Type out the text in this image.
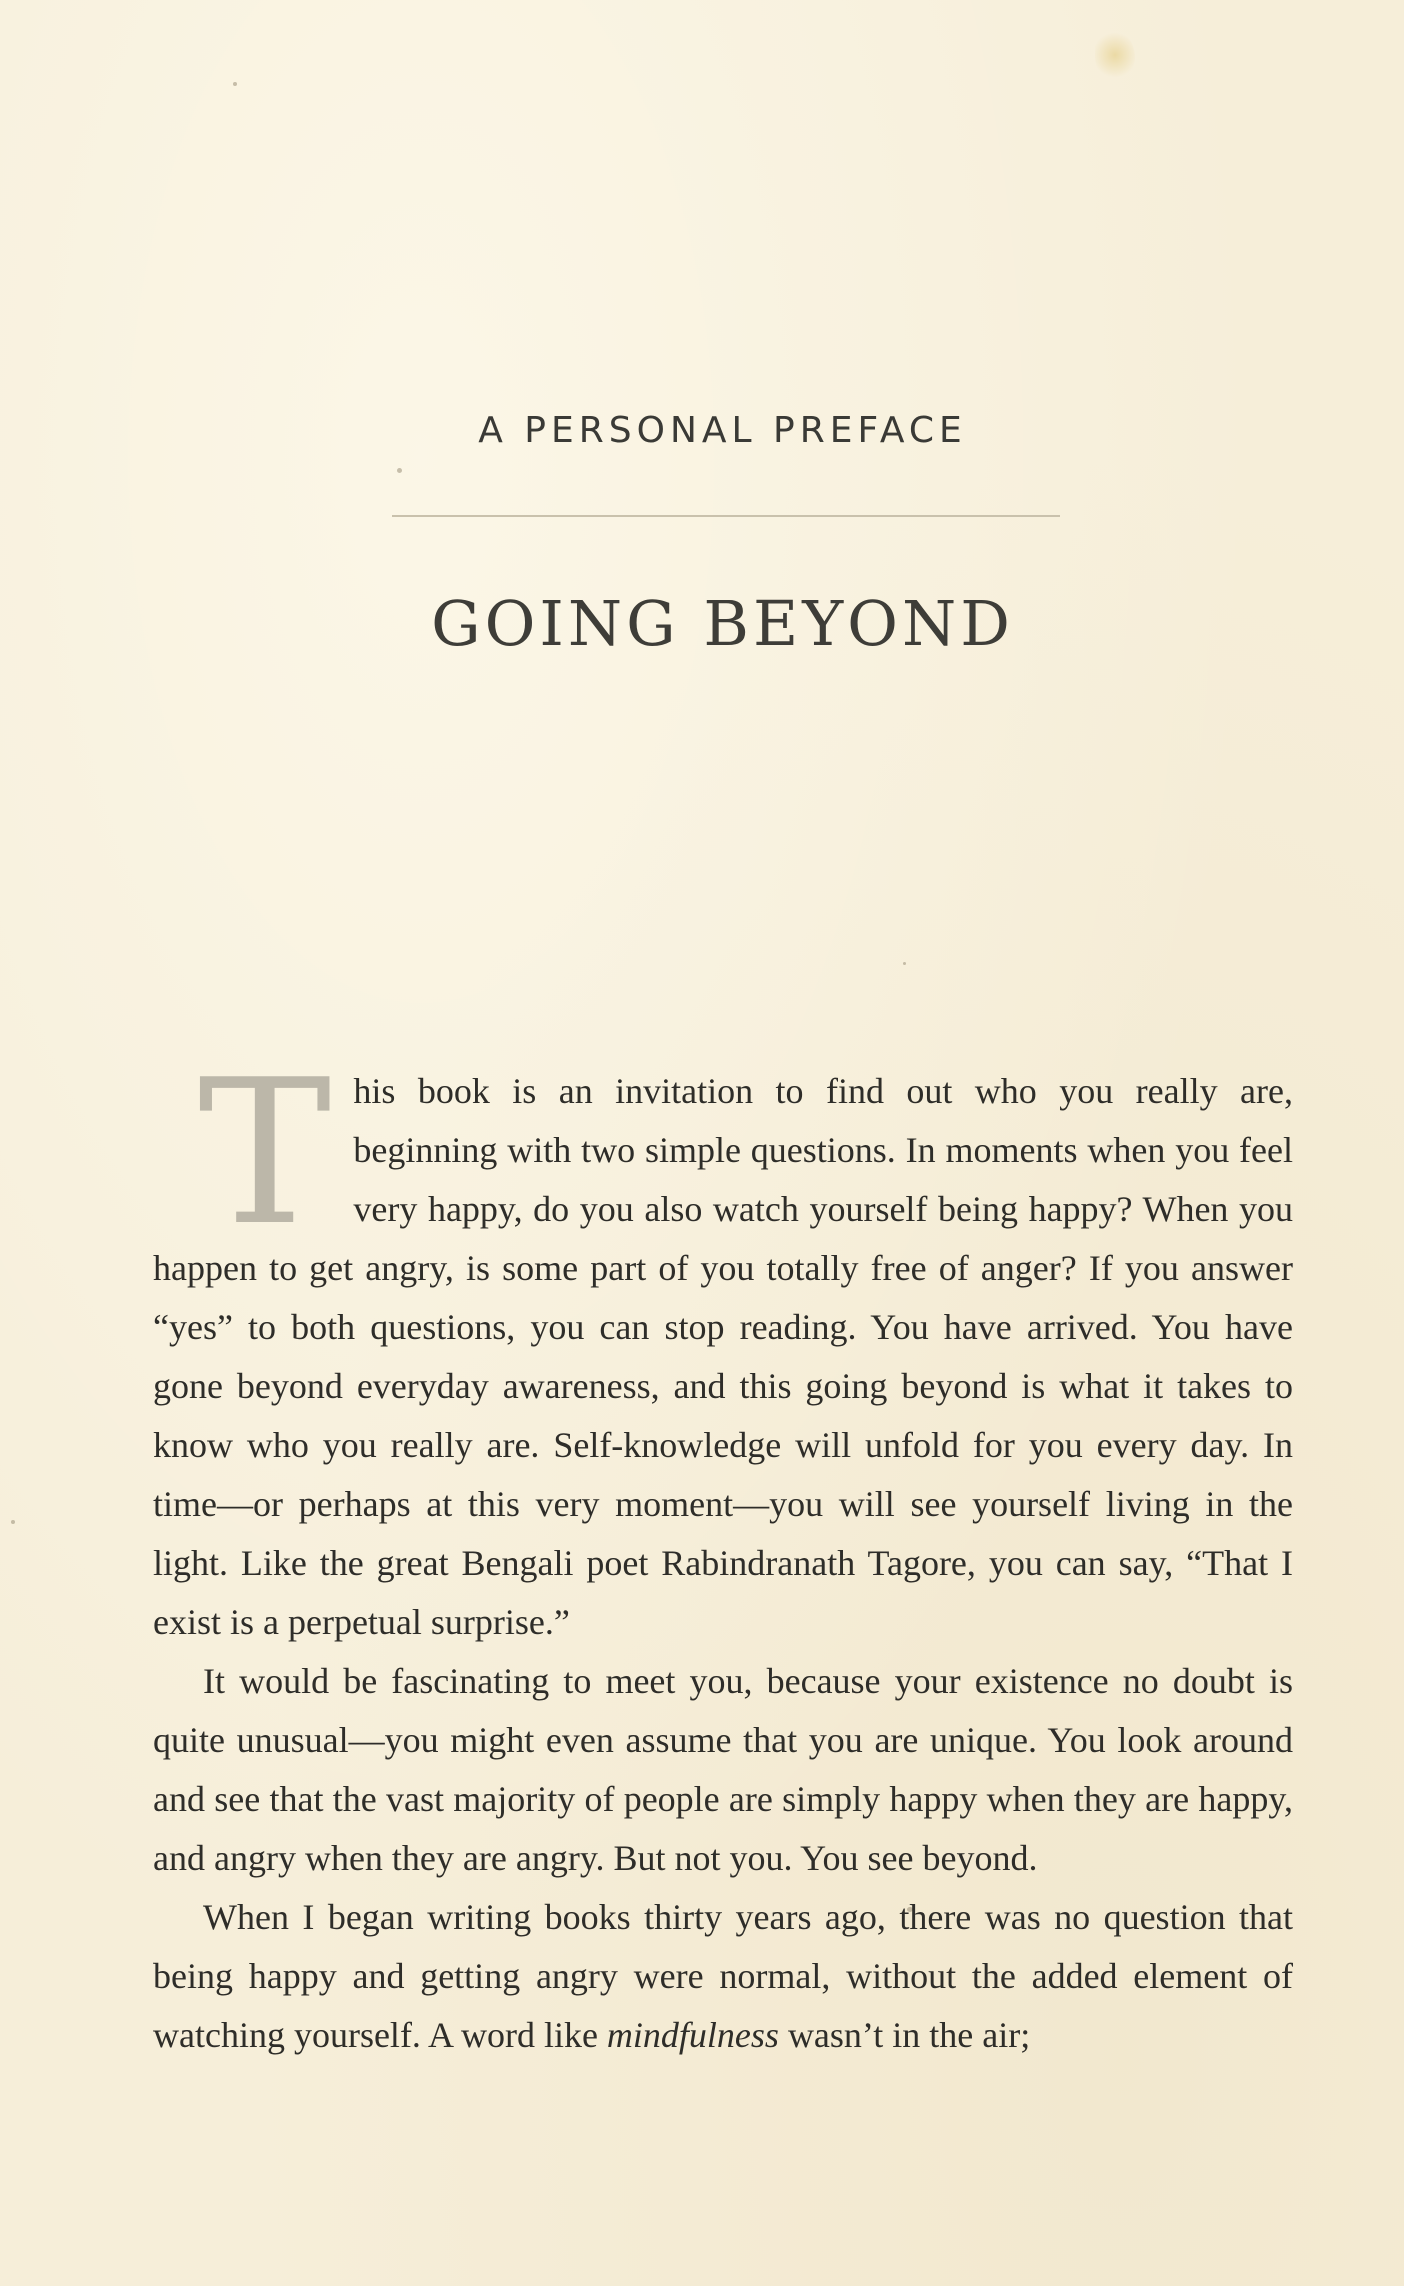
A PERSONAL PREFACE
GOING BEYOND

This book is an invitation to find out who you really are, beginning with two simple questions. In moments when you feel very happy, do you also watch yourself being happy? When you happen to get angry, is some part of you totally free of anger? If you answer “yes” to both questions, you can stop reading. You have arrived. You have gone beyond everyday awareness, and this going beyond is what it takes to know who you really are. Self-knowledge will unfold for you every day. In time—or perhaps at this very moment—you will see yourself living in the light. Like the great Bengali poet Rabindranath Tagore, you can say, “That I exist is a perpetual surprise.”

It would be fascinating to meet you, because your existence no doubt is quite unusual—you might even assume that you are unique. You look around and see that the vast majority of people are simply happy when they are happy, and angry when they are angry. But not you. You see beyond.

When I began writing books thirty years ago, there was no question that being happy and getting angry were normal, without the added element of watching yourself. A word like mindfulness wasn’t in the air;
